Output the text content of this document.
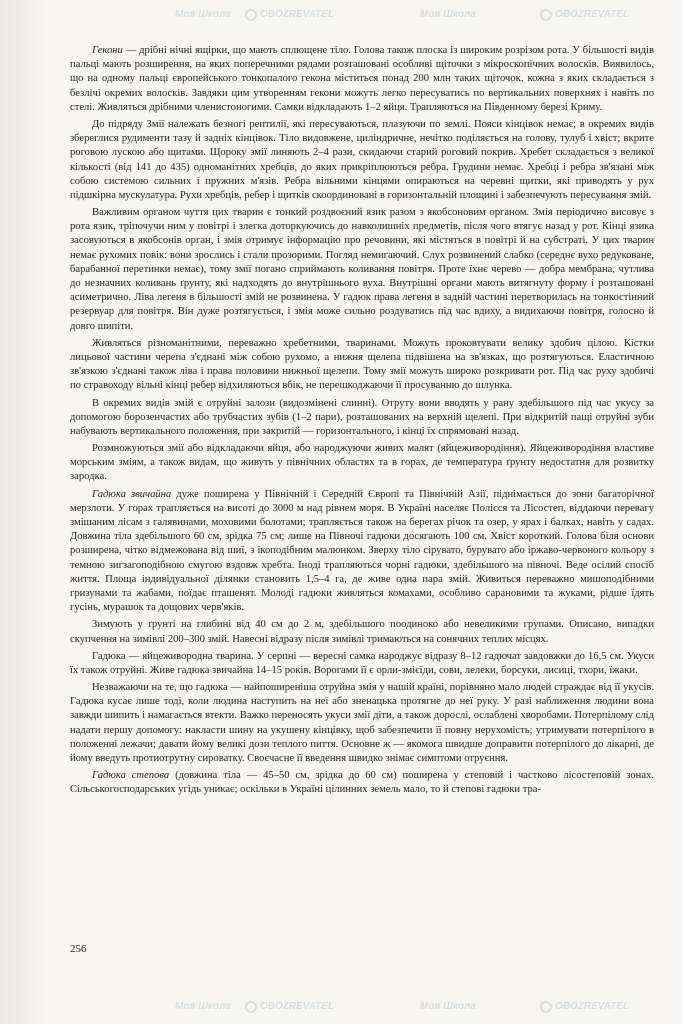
Моя Школа	OBOZREVATEL	Моя Школа	OBOZREVATEL
Моя Школа	OBOZREVATEL	Моя Школа	OBOZREVATEL

Гекони — дрібні нічні ящірки, що мають сплющене тіло. Голова також плоска із широким розрізом рота. У більшості видів пальці мають розширення, на яких поперечними рядами розташовані особливі щіточки з мікроскопічних волосків. Виявилось, що на одному пальці європейського тонкопалого гекона міститься понад 200 млн таких щіточок, кожна з яких складається з безлічі окремих волосків. Завдяки цим утворенням гекони можуть легко пересуватись по вертикальних поверхнях і навіть по стелі. Живляться дрібними членистоногими. Самки відкладають 1–2 яйця. Трапляються на Південному березі Криму.

До підряду Змії належать безногі рептилії, які пересуваються, плазуючи по землі. Пояси кінцівок немає; в окремих видів збереглися рудименти тазу й задніх кінцівок. Тіло видовжене, циліндричне, нечітко поділяється на голову, тулуб і хвіст; вкрите роговою лускою або щитами. Щороку змії линяють 2–4 рази, скидаючи старий роговий покрив. Хребет складається з великої кількості (від 141 до 435) одноманітних хребців, до яких прикріплюються ребра. Грудини немає. Хребці і ребра зв'язані між собою системою сильних і пружних м'язів. Ребра вільними кінцями опираються на черевні щитки, які приводять у рух підшкірна мускулатура. Рухи хребців, ребер і щитків скоординовані в горизонтальній площині і забезпечують пересування змій.

Важливим органом чуття цих тварин є тонкий роздвоєний язик разом з якобсоновим органом. Змія періодично висовує з рота язик, тріпочучи ним у повітрі і злегка доторкуючись до навколишніх предметів, після чого втягує назад у рот. Кінці язика засовуються в якобсонів орган, і змія отримує інформацію про речовини, які містяться в повітрі й на субстраті. У цих тварин немає рухомих повік: вони зрослись і стали прозорими. Погляд немигаючий. Слух розвинений слабко (середнє вухо редуковане, барабанної перетинки немає), тому змії погано сприймають коливання повітря. Проте їхнє черево — добра мембрана, чутлива до незначних коливань ґрунту, які надходять до внутрішнього вуха. Внутрішні органи мають витягнуту форму і розташовані асиметрично. Ліва легеня в більшості змій не розвинена. У гадюк права легеня в задній частині перетворилась на тонкостінний резервуар для повітря. Він дуже розтягується, і змія може сильно роздуватись під час вдиху, а видихаючи повітря, голосно й довго шипіти.

Живляться різноманітними, переважно хребетними, тваринами. Можуть проковтувати велику здобич цілою. Кістки лицьової частини черепа з'єднані між собою рухомо, а нижня щелепа підвішена на зв'язках, що розтягуються. Еластичною зв'язкою з'єднані також ліва і права половини нижньої щелепи. Тому змії можуть широко розкривати рот. Під час руху здобичі по стравоходу вільні кінці ребер відхиляються вбік, не перешкоджаючи її просуванню до шлунка.

В окремих видів змій є отруйні залози (видозмінені слинні). Отруту вони вводять у рану здебільшого під час укусу за допомогою борозенчастих або трубчастих зубів (1–2 пари), розташованих на верхній щелепі. При відкритій пащі отруйні зуби набувають вертикального положення, при закритій — горизонтального, і кінці їх спрямовані назад.

Розмножуються змії або відкладаючи яйця, або народжуючи живих малят (яйцеживородіння). Яйцеживородіння властиве морським зміям, а також видам, що живуть у північних областях та в горах, де температура ґрунту недостатня для розвитку зародка.

Гадюка звичайна дуже поширена у Північній і Середній Європі та Північній Азії, піднімається до зони багаторічної мерзлоти. У горах трапляється на висоті до 3000 м над рівнем моря. В Україні населяє Полісся та Лісостеп, віддаючи перевагу змішаним лісам з галявинами, моховими болотами; трапляється також на берегах річок та озер, у ярах і балках, навіть у садах. Довжина тіла здебільшого 60 см, зрідка 75 см; лише на Півночі гадюки досягають 100 см. Хвіст короткий. Голова біля основи розширена, чітко відмежована від шиї, з ікоподібним малюнком. Зверху тіло сірувато, бурувато або іржаво-червоного кольору з темною зигзагоподібною смугою вздовж хребта. Іноді трапляються чорні гадюки, здебільшого на півночі. Веде осілий спосіб життя. Площа індивідуальної ділянки становить 1,5–4 га, де живе одна пара змій. Живиться переважно мишоподібними гризунами та жабами, поїдає пташенят. Молоді гадюки живляться комахами, особливо сарановими та жуками, рідше їдять гусінь, мурашок та дощових черв'яків.

Зимують у ґрунті на глибині від 40 см до 2 м, здебільшого поодиноко або невеликими групами. Описано, випадки скупчення на зимівлі 200–300 змій. Навесні відразу після зимівлі тримаються на сонячних теплих місцях.

Гадюка — яйцеживородна тварина. У серпні — вересні самка народжує відразу 8–12 гадючат завдовжки до 16,5 см. Укуси їх також отруйні. Живе гадюка звичайна 14–15 років. Ворогами її є орли-змієїди, сови, лелеки, борсуки, лисиці, тхори, їжаки.

Незважаючи на те, що гадюка — найпоширеніша отруйна змія у нашій країні, порівняно мало людей страждає від її укусів. Гадюка кусає лише тоді, коли людина наступить на неї або зненацька протягне до неї руку. У разі наближення людини вона завжди шипить і намагається втекти. Важко переносять укуси змії діти, а також дорослі, ослаблені хворобами. Потерпілому слід надати першу допомогу: накласти шину на укушену кінцівку, щоб забезпечити її повну нерухомість; утримувати потерпілого в положенні лежачи; давати йому великі дози теплого пиття. Основне ж — якомога швидше доправити потерпілого до лікарні, де йому введуть протиотрутну сироватку. Своєчасне її введення швидко знімає симптоми отруєння.

Гадюка степова (довжина тіла — 45–50 см, зрідка до 60 см) поширена у степовій і частково лісостеповій зонах. Сільськогосподарських угідь уникає; оскільки в Україні цілинних земель мало, то й степові гадюки тра-

256
